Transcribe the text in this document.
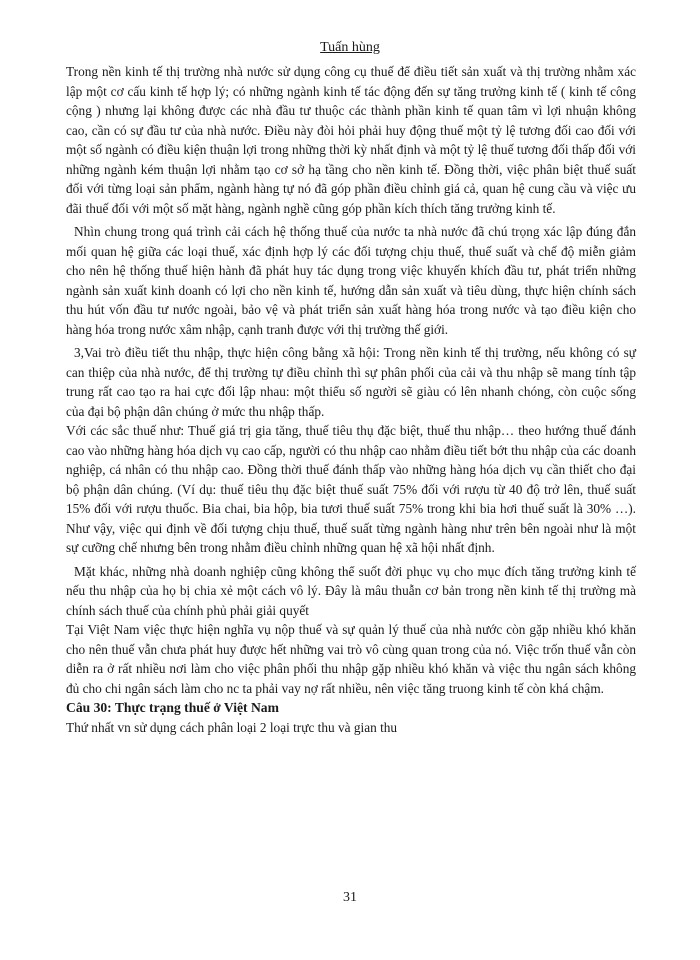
Tuấn hùng

Trong nền kinh tế thị trường nhà nước sử dụng công cụ thuế để điều tiết sản xuất và thị trường nhằm xác lập một cơ cấu kinh tế hợp lý; có những ngành kinh tế tác động đến sự tăng trưởng kinh tế ( kinh tế công cộng ) nhưng lại không được các nhà đầu tư thuộc các thành phần kinh tế quan tâm vì lợi nhuận không cao, cần có sự đầu tư của nhà nước. Điều này đòi hỏi phải huy động thuế một tỷ lệ tương đối cao đối với một số ngành có điều kiện thuận lợi trong những thời kỳ nhất định và một tỷ lệ thuế tương đối thấp đối với những ngành kém thuận lợi nhằm tạo cơ sở hạ tầng cho nền kinh tế. Đồng thời, việc phân biệt thuế suất đối với từng loại sản phẩm, ngành hàng tự nó đã góp phần điều chỉnh giá cả, quan hệ cung cầu và việc ưu đãi thuế đối với một số mặt hàng, ngành nghề cũng góp phần kích thích tăng trưởng kinh tế.

Nhìn chung trong quá trình cải cách hệ thống thuế của nước ta nhà nước đã chú trọng xác lập đúng đắn mối quan hệ giữa các loại thuế, xác định hợp lý các đối tượng chịu thuế, thuế suất và chế độ miễn giảm cho nên hệ thống thuế hiện hành đã phát huy tác dụng trong việc khuyến khích đầu tư, phát triển những ngành sản xuất kinh doanh có lợi cho nền kinh tế, hướng dẫn sản xuất và tiêu dùng, thực hiện chính sách thu hút vốn đầu tư nước ngoài, bảo vệ và phát triển sản xuất hàng hóa trong nước và tạo điều kiện cho hàng hóa trong nước xâm nhập, cạnh tranh được với thị trường thế giới.

3,Vai trò điều tiết thu nhập, thực hiện công bằng xã hội: Trong nền kinh tế thị trường, nếu không có sự can thiệp của nhà nước, để thị trường tự điều chỉnh thì sự phân phối của cải và thu nhập sẽ mang tính tập trung rất cao tạo ra hai cực đối lập nhau: một thiểu số người sẽ giàu có lên nhanh chóng, còn cuộc sống của đại bộ phận dân chúng ở mức thu nhập thấp.

Với các sắc thuế như: Thuế giá trị gia tăng, thuế tiêu thụ đặc biệt, thuế thu nhập… theo hướng thuế đánh cao vào những hàng hóa dịch vụ cao cấp, người có thu nhập cao nhằm điều tiết bớt thu nhập của các doanh nghiệp, cá nhân có thu nhập cao. Đồng thời thuế đánh thấp vào những hàng hóa dịch vụ cần thiết cho đại bộ phận dân chúng. (Ví dụ: thuế tiêu thụ đặc biệt thuế suất 75% đối với rượu từ 40 độ trở lên, thuế suất 15% đối với rượu thuốc. Bia chai, bia hộp, bia tươi thuế suất 75% trong khi bia hơi thuế suất là 30% …). Như vậy, việc qui định về đối tượng chịu thuế, thuế suất từng ngành hàng như trên bên ngoài như là một sự cưỡng chế nhưng bên trong nhằm điều chỉnh những quan hệ xã hội nhất định.

Mặt khác, những nhà doanh nghiệp cũng không thể suốt đời phục vụ cho mục đích tăng trưởng kinh tế nếu thu nhập của họ bị chia xẻ một cách vô lý. Đây là mâu thuẫn cơ bản trong nền kinh tế thị trường mà chính sách thuế của chính phủ phải giải quyết

Tại Việt Nam việc thực hiện nghĩa vụ nộp thuế và sự quản lý thuế của nhà nước còn gặp nhiều khó khăn cho nên thuế vẫn chưa phát huy được hết những vai trò vô cùng quan trong của nó. Việc trốn thuế vẫn còn diễn ra ở rất nhiều nơi làm cho việc phân phối thu nhập gặp nhiều khó khăn và việc thu ngân sách không đủ cho chi ngân sách làm cho nc ta phải vay nợ rất nhiều, nên việc tăng truong kinh tế còn khá chậm.

Câu 30: Thực trạng thuế ở Việt Nam

Thứ nhất vn sử dụng cách phân loại 2 loại trực thu và gian thu

31
